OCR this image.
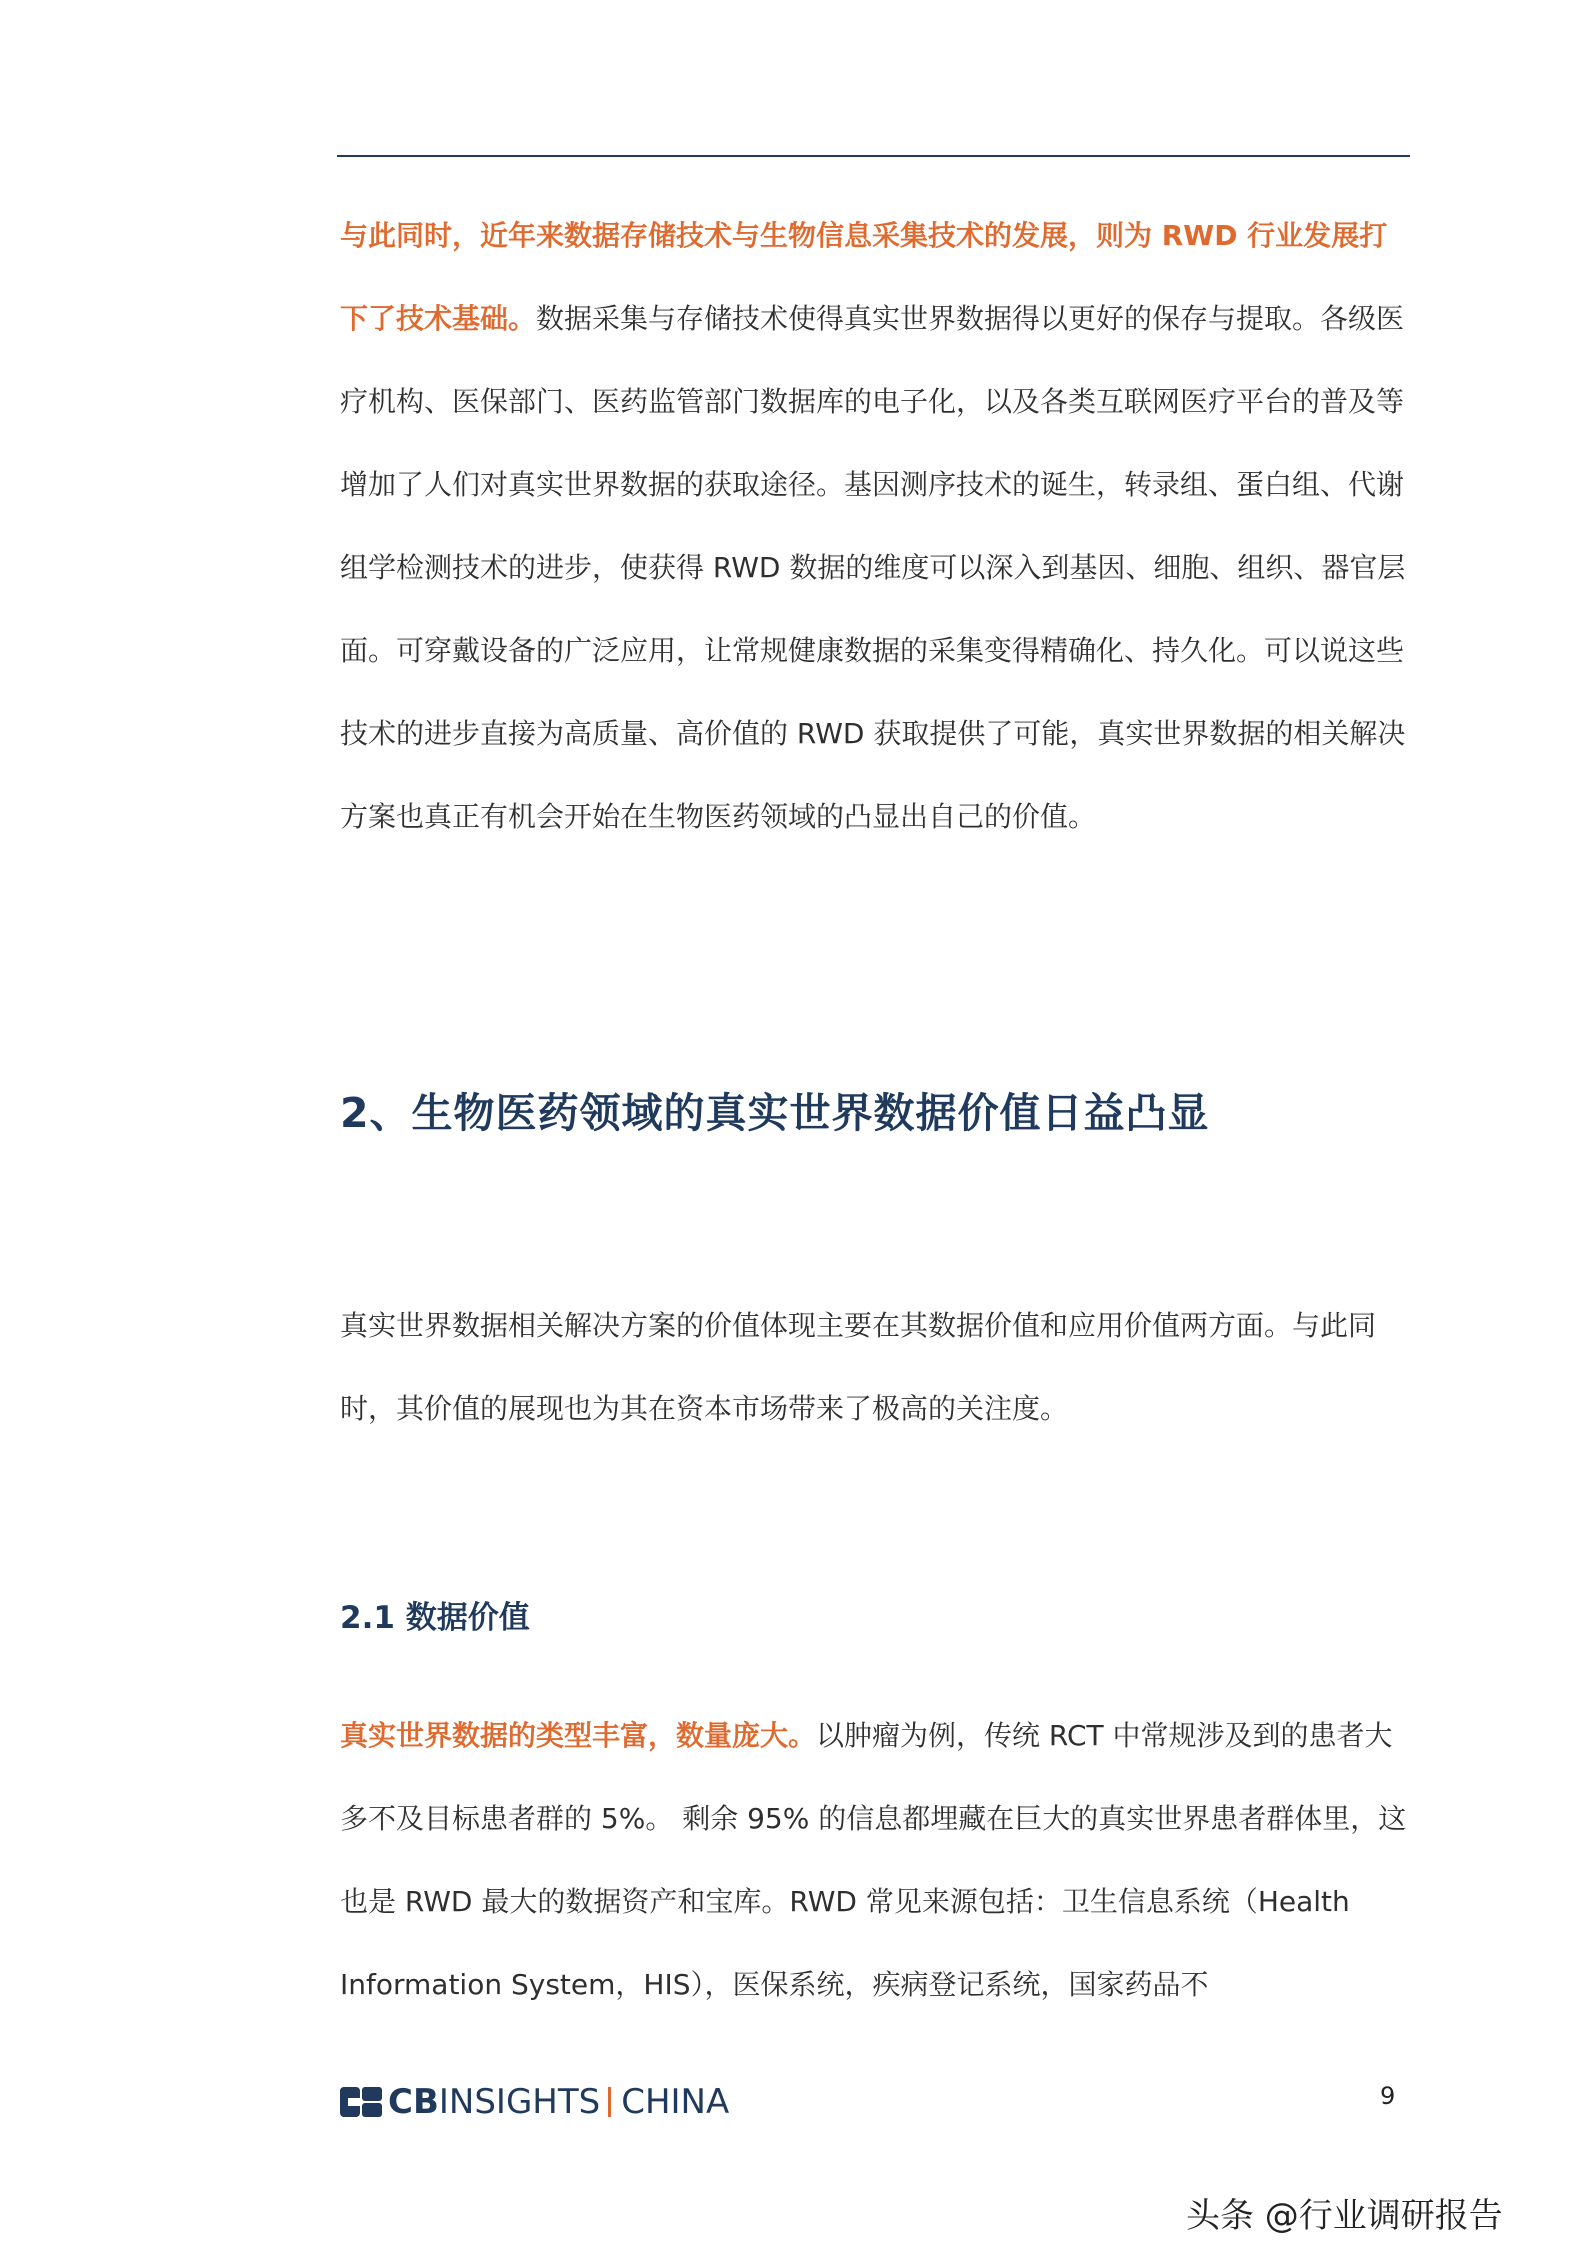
与此同时，近年来数据存储技术与生物信息采集技术的发展，则为 RWD 行业发展打下了技术基础。数据采集与存储技术使得真实世界数据得以更好的保存与提取。各级医疗机构、医保部门、医药监管部门数据库的电子化，以及各类互联网医疗平台的普及等增加了人们对真实世界数据的获取途径。基因测序技术的诞生，转录组、蛋白组、代谢组学检测技术的进步，使获得 RWD 数据的维度可以深入到基因、细胞、组织、器官层面。可穿戴设备的广泛应用，让常规健康数据的采集变得精确化、持久化。可以说这些技术的进步直接为高质量、高价值的 RWD 获取提供了可能，真实世界数据的相关解决方案也真正有机会开始在生物医药领域的凸显出自己的价值。
2、生物医药领域的真实世界数据价值日益凸显
真实世界数据相关解决方案的价值体现主要在其数据价值和应用价值两方面。与此同时，其价值的展现也为其在资本市场带来了极高的关注度。
2.1 数据价值
真实世界数据的类型丰富，数量庞大。以肿瘤为例，传统 RCT 中常规涉及到的患者大多不及目标患者群的 5%。 剩余 95% 的信息都埋藏在巨大的真实世界患者群体里，这也是 RWD 最大的数据资产和宝库。RWD 常见来源包括：卫生信息系统（Health Information System，HIS），医保系统，疾病登记系统，国家药品不
CB INSIGHTS CHINA	9
头条 @行业调研报告
